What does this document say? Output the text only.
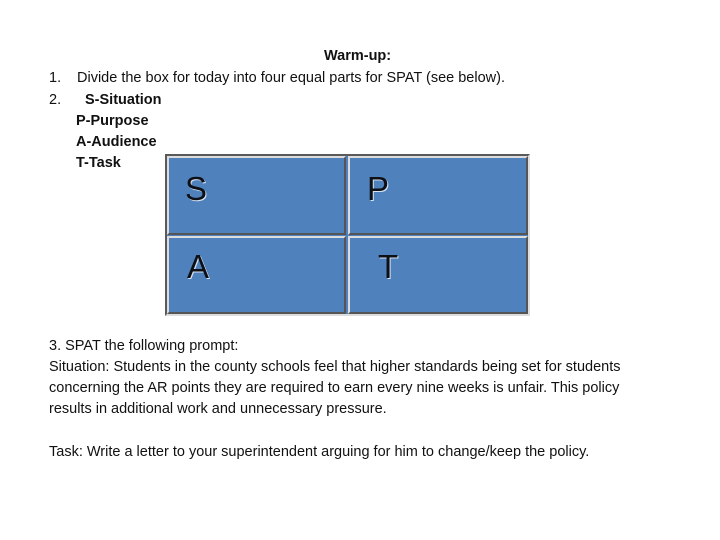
Warm-up:
1. Divide the box for today into four equal parts for SPAT (see below).
2. S-Situation
P-Purpose
A-Audience
T-Task
S	P
A	T
3. SPAT the following prompt:
Situation: Students in the county schools feel that higher standards being set for students concerning the AR points they are required to earn every nine weeks is unfair. This policy results in additional work and unnecessary pressure.
Task: Write a letter to your superintendent arguing for him to change/keep the policy.
